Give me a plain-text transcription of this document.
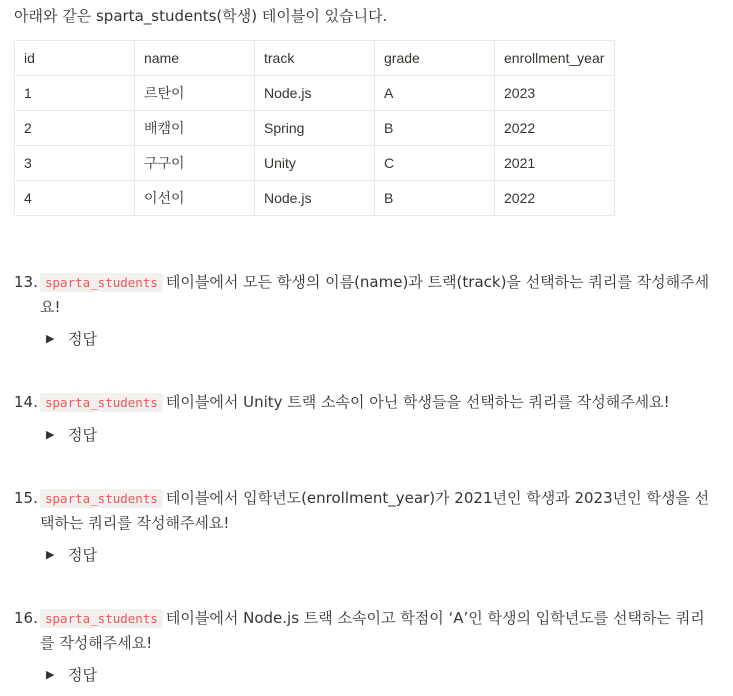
아래와 같은 sparta_students(학생) 테이블이 있습니다.
id	name	track	grade	enrollment_year
1	르탄이	Node.js	A	2023
2	배캠이	Spring	B	2022
3	구구이	Unity	C	2021
4	이선이	Node.js	B	2022
13. sparta_students 테이블에서 모든 학생의 이름(name)과 트랙(track)을 선택하는 쿼리를 작성해주세요!
▶ 정답
14. sparta_students 테이블에서 Unity 트랙 소속이 아닌 학생들을 선택하는 쿼리를 작성해주세요!
▶ 정답
15. sparta_students 테이블에서 입학년도(enrollment_year)가 2021년인 학생과 2023년인 학생을 선택하는 쿼리를 작성해주세요!
▶ 정답
16. sparta_students 테이블에서 Node.js 트랙 소속이고 학점이 ‘A’인 학생의 입학년도를 선택하는 쿼리를 작성해주세요!
▶ 정답
